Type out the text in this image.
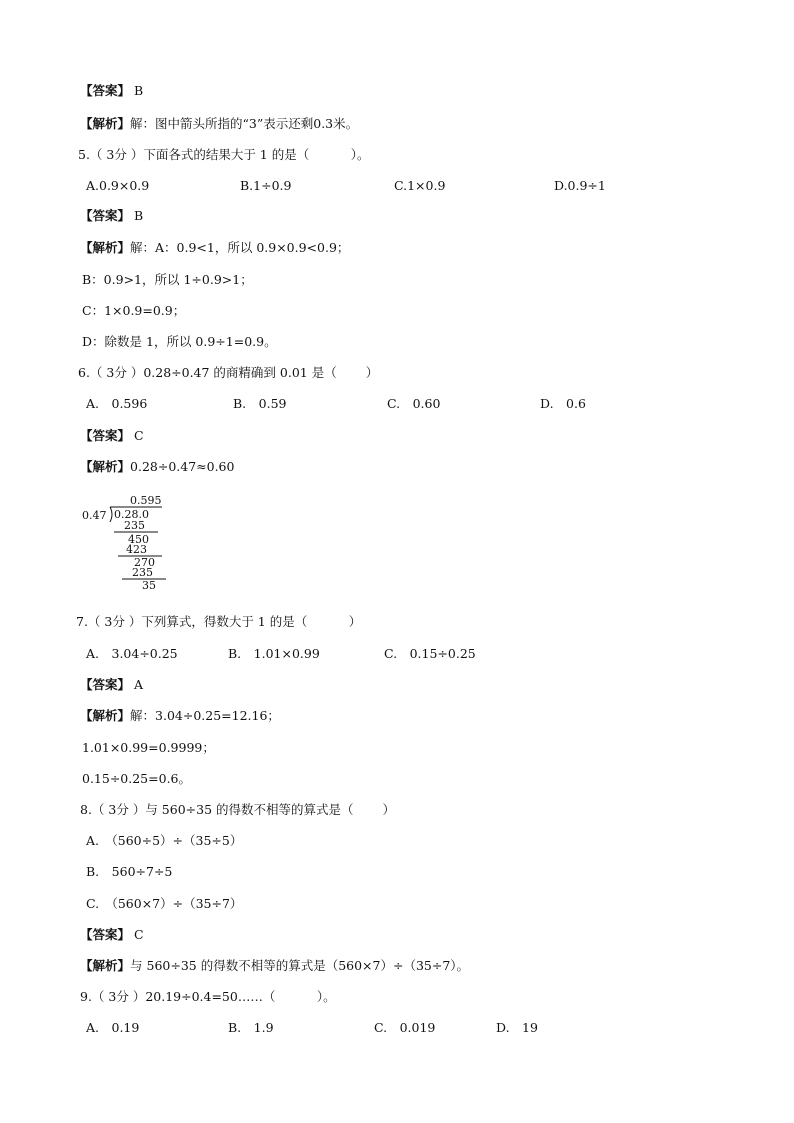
【答案】 B
【解析】解：图中箭头所指的“3”表示还剩0.3米。
5.（ 3分 ）下面各式的结果大于 1 的是（　　　 ）。
A.0.9×0.9	B.1÷0.9	C.1×0.9	D.0.9÷1
【答案】 B
【解析】解：A：0.9<1，所以 0.9×0.9<0.9；
B：0.9>1，所以 1÷0.9>1；
C：1×0.9=0.9；
D：除数是 1，所以 0.9÷1=0.9。
6.（ 3分 ）0.28÷0.47 的商精确到 0.01 是（　　 ）
A.　0.596	B.　0.59	C.　0.60	D.　0.6
【答案】 C
【解析】0.28÷0.47≈0.60
0.595
0.47 0.28.0
235
450
423
270
235
35
7.（ 3分 ）下列算式，得数大于 1 的是（　　　 ）
A.　3.04÷0.25	B.　1.01×0.99	C.　0.15÷0.25
【答案】 A
【解析】解：3.04÷0.25=12.16；
1.01×0.99=0.9999；
0.15÷0.25=0.6。
8.（ 3分 ）与 560÷35 的得数不相等的算式是（　　 ）
A.　（560÷5）÷（35÷5）
B.　560÷7÷5
C.　（560×7）÷（35÷7）
【答案】 C
【解析】与 560÷35 的得数不相等的算式是（560×7）÷（35÷7）。
9.（ 3分 ）20.19÷0.4=50……（　　　 ）。
A.　0.19	B.　1.9	C.　0.019	D.　19
